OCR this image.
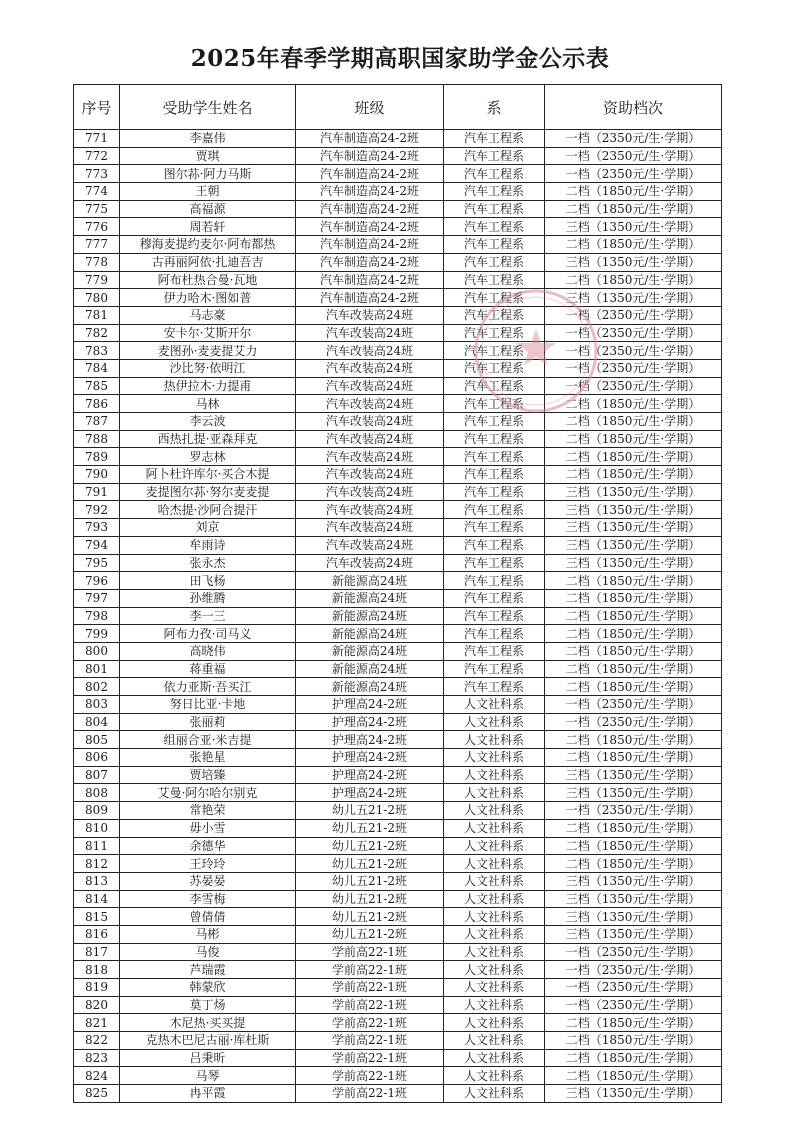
2025年春季学期高职国家助学金公示表
序号	受助学生姓名	班级	系	资助档次
771	李嘉伟	汽车制造高24-2班	汽车工程系	一档（2350元/生·学期）
772	贾琪	汽车制造高24-2班	汽车工程系	一档（2350元/生·学期）
773	图尔荪·阿力马斯	汽车制造高24-2班	汽车工程系	一档（2350元/生·学期）
774	王朝	汽车制造高24-2班	汽车工程系	二档（1850元/生·学期）
775	高福源	汽车制造高24-2班	汽车工程系	二档（1850元/生·学期）
776	周若轩	汽车制造高24-2班	汽车工程系	三档（1350元/生·学期）
777	穆海麦提约麦尔·阿布都热	汽车制造高24-2班	汽车工程系	二档（1850元/生·学期）
778	古再丽阿依·扎迪吾吉	汽车制造高24-2班	汽车工程系	三档（1350元/生·学期）
779	阿布杜热合曼·瓦地	汽车制造高24-2班	汽车工程系	二档（1850元/生·学期）
780	伊力哈木·图如普	汽车制造高24-2班	汽车工程系	三档（1350元/生·学期）
781	马志豪	汽车改装高24班	汽车工程系	一档（2350元/生·学期）
782	安卡尔·艾斯开尔	汽车改装高24班	汽车工程系	一档（2350元/生·学期）
783	麦图孙·麦麦提艾力	汽车改装高24班	汽车工程系	一档（2350元/生·学期）
784	沙比努·依明江	汽车改装高24班	汽车工程系	一档（2350元/生·学期）
785	热伊拉木·力提甫	汽车改装高24班	汽车工程系	一档（2350元/生·学期）
786	马林	汽车改装高24班	汽车工程系	二档（1850元/生·学期）
787	李云波	汽车改装高24班	汽车工程系	二档（1850元/生·学期）
788	西热扎提·亚森拜克	汽车改装高24班	汽车工程系	二档（1850元/生·学期）
789	罗志林	汽车改装高24班	汽车工程系	二档（1850元/生·学期）
790	阿卜杜许库尔·买合木提	汽车改装高24班	汽车工程系	二档（1850元/生·学期）
791	麦提图尔荪·努尔麦麦提	汽车改装高24班	汽车工程系	三档（1350元/生·学期）
792	哈杰提·沙阿合提汗	汽车改装高24班	汽车工程系	三档（1350元/生·学期）
793	刘京	汽车改装高24班	汽车工程系	三档（1350元/生·学期）
794	牟雨诗	汽车改装高24班	汽车工程系	三档（1350元/生·学期）
795	张永杰	汽车改装高24班	汽车工程系	三档（1350元/生·学期）
796	田飞杨	新能源高24班	汽车工程系	二档（1850元/生·学期）
797	孙维腾	新能源高24班	汽车工程系	二档（1850元/生·学期）
798	李一三	新能源高24班	汽车工程系	二档（1850元/生·学期）
799	阿布力孜·司马义	新能源高24班	汽车工程系	二档（1850元/生·学期）
800	高晓伟	新能源高24班	汽车工程系	二档（1850元/生·学期）
801	蒋重福	新能源高24班	汽车工程系	二档（1850元/生·学期）
802	依力亚斯·吾买江	新能源高24班	汽车工程系	二档（1850元/生·学期）
803	努日比亚·卡地	护理高24-2班	人文社科系	一档（2350元/生·学期）
804	张丽莉	护理高24-2班	人文社科系	一档（2350元/生·学期）
805	组丽合亚·米吉提	护理高24-2班	人文社科系	二档（1850元/生·学期）
806	张艳星	护理高24-2班	人文社科系	二档（1850元/生·学期）
807	贾培臻	护理高24-2班	人文社科系	三档（1350元/生·学期）
808	艾曼·阿尔哈尔别克	护理高24-2班	人文社科系	三档（1350元/生·学期）
809	常艳荣	幼儿五21-2班	人文社科系	一档（2350元/生·学期）
810	毋小雪	幼儿五21-2班	人文社科系	二档（1850元/生·学期）
811	余德华	幼儿五21-2班	人文社科系	二档（1850元/生·学期）
812	王玲玲	幼儿五21-2班	人文社科系	二档（1850元/生·学期）
813	苏晏晏	幼儿五21-2班	人文社科系	三档（1350元/生·学期）
814	李雪梅	幼儿五21-2班	人文社科系	三档（1350元/生·学期）
815	曾倩倩	幼儿五21-2班	人文社科系	三档（1350元/生·学期）
816	马彬	幼儿五21-2班	人文社科系	三档（1350元/生·学期）
817	马俊	学前高22-1班	人文社科系	一档（2350元/生·学期）
818	芦瑞霞	学前高22-1班	人文社科系	一档（2350元/生·学期）
819	韩蒙欣	学前高22-1班	人文社科系	一档（2350元/生·学期）
820	莫丁炀	学前高22-1班	人文社科系	一档（2350元/生·学期）
821	木尼热·买买提	学前高22-1班	人文社科系	二档（1850元/生·学期）
822	克热木巴尼古丽·库杜斯	学前高22-1班	人文社科系	二档（1850元/生·学期）
823	吕秉昕	学前高22-1班	人文社科系	二档（1850元/生·学期）
824	马琴	学前高22-1班	人文社科系	二档（1850元/生·学期）
825	冉平霞	学前高22-1班	人文社科系	三档（1350元/生·学期）
